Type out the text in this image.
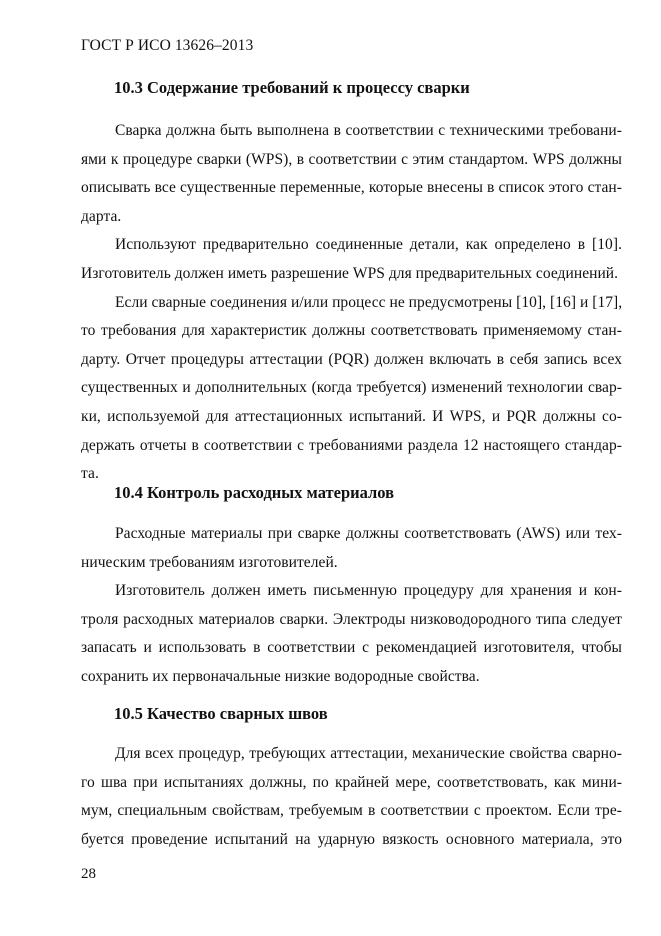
ГОСТ Р ИСО 13626–2013
10.3 Содержание требований к процессу сварки

Сварка должна быть выполнена в соответствии с техническими требовани-
ями к процедуре сварки (WPS), в соответствии с этим стандартом. WPS должны
описывать все существенные переменные, которые внесены в список этого стан-
дарта.

Используют предварительно соединенные детали, как определено в [10].
Изготовитель должен иметь разрешение WPS для предварительных соединений.

Если сварные соединения и/или процесс не предусмотрены [10], [16] и [17],
то требования для характеристик должны соответствовать применяемому стан-
дарту. Отчет процедуры аттестации (PQR) должен включать в себя запись всех
существенных и дополнительных (когда требуется) изменений технологии свар-
ки, используемой для аттестационных испытаний. И WPS, и PQR должны со-
держать отчеты в соответствии с требованиями раздела 12 настоящего стандар-
та.

10.4 Контроль расходных материалов

Расходные материалы при сварке должны соответствовать (AWS) или тех-
ническим требованиям изготовителей.

Изготовитель должен иметь письменную процедуру для хранения и кон-
троля расходных материалов сварки. Электроды низководородного типа следует
запасать и использовать в соответствии с рекомендацией изготовителя, чтобы
сохранить их первоначальные низкие водородные свойства.

10.5 Качество сварных швов

Для всех процедур, требующих аттестации, механические свойства сварно-
го шва при испытаниях должны, по крайней мере, соответствовать, как мини-
мум, специальным свойствам, требуемым в соответствии с проектом. Если тре-
буется проведение испытаний на ударную вязкость основного материала, это

28
